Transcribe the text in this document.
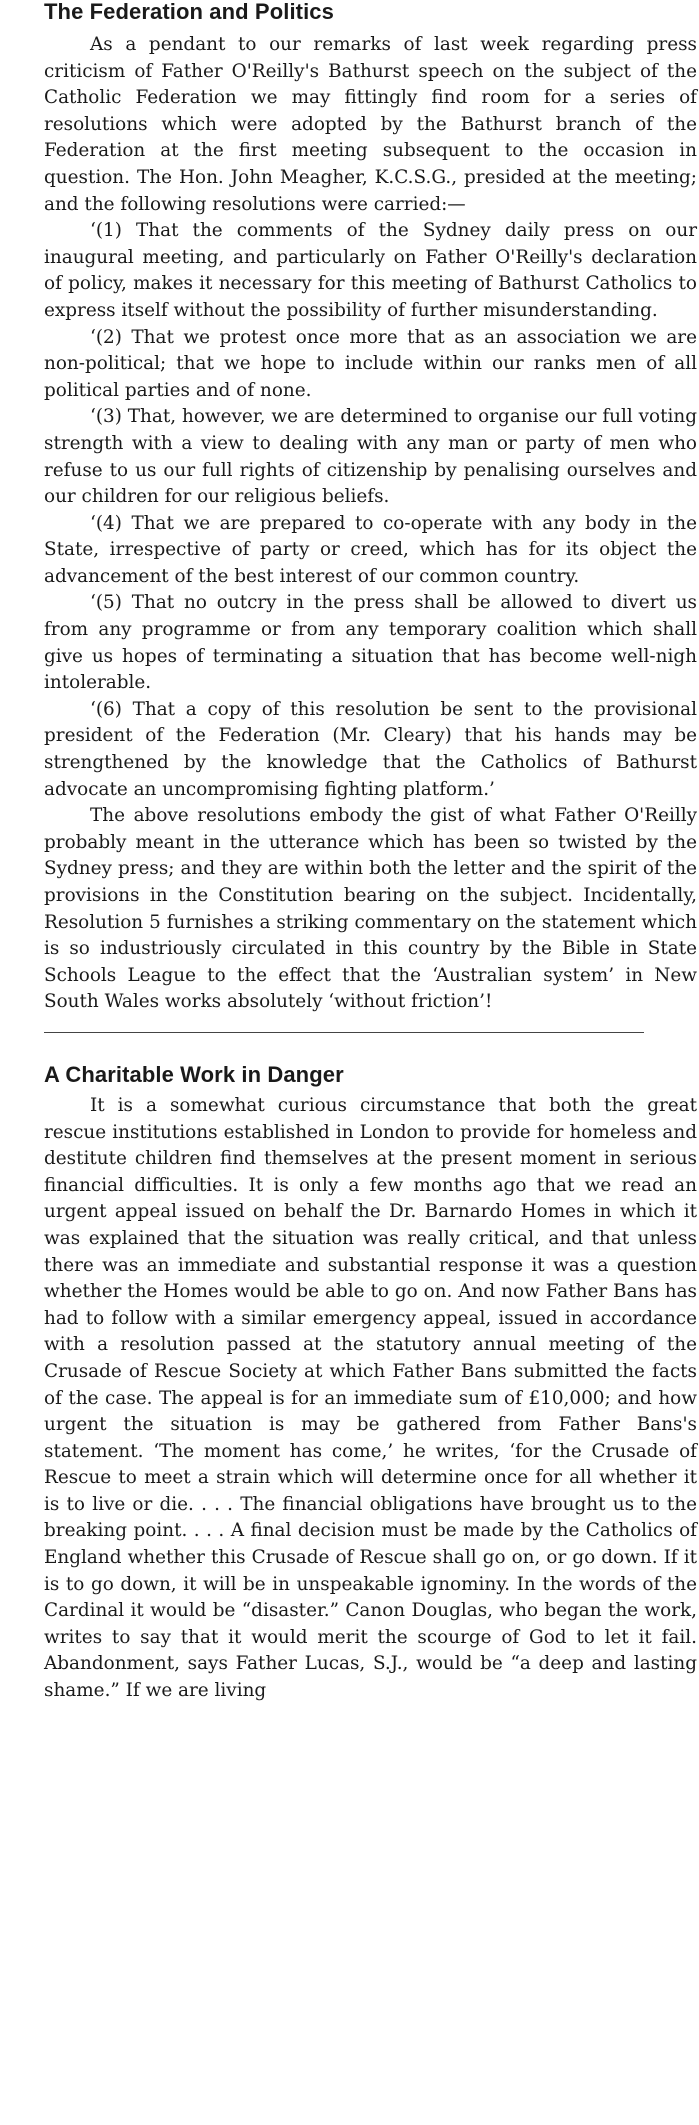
The Federation and Politics

As a pendant to our remarks of last week regarding press criticism of Father O'Reilly's Bathurst speech on the subject of the Catholic Federation we may fittingly find room for a series of resolutions which were adopted by the Bathurst branch of the Federation at the first meeting subsequent to the occasion in question. The Hon. John Meagher, K.C.S.G., presided at the meeting; and the following resolutions were carried:—

‘(1) That the comments of the Sydney daily press on our inaugural meeting, and particularly on Father O'Reilly's declaration of policy, makes it necessary for this meeting of Bathurst Catholics to express itself without the possibility of further misunderstanding.

‘(2) That we protest once more that as an association we are non-political; that we hope to include within our ranks men of all political parties and of none.

‘(3) That, however, we are determined to organise our full voting strength with a view to dealing with any man or party of men who refuse to us our full rights of citizenship by penalising ourselves and our children for our religious beliefs.

‘(4) That we are prepared to co-operate with any body in the State, irrespective of party or creed, which has for its object the advancement of the best interest of our common country.

‘(5) That no outcry in the press shall be allowed to divert us from any programme or from any temporary coalition which shall give us hopes of terminating a situation that has become well-nigh intolerable.

‘(6) That a copy of this resolution be sent to the provisional president of the Federation (Mr. Cleary) that his hands may be strengthened by the knowledge that the Catholics of Bathurst advocate an uncompromising fighting platform.’

The above resolutions embody the gist of what Father O'Reilly probably meant in the utterance which has been so twisted by the Sydney press; and they are within both the letter and the spirit of the provisions in the Constitution bearing on the subject. Incidentally, Resolution 5 furnishes a striking commentary on the statement which is so industriously circulated in this country by the Bible in State Schools League to the effect that the ‘Australian system’ in New South Wales works absolutely ‘without friction’!

A Charitable Work in Danger

It is a somewhat curious circumstance that both the great rescue institutions established in London to provide for homeless and destitute children find themselves at the present moment in serious financial difficulties. It is only a few months ago that we read an urgent appeal issued on behalf the Dr. Barnardo Homes in which it was explained that the situation was really critical, and that unless there was an immediate and substantial response it was a question whether the Homes would be able to go on. And now Father Bans has had to follow with a similar emergency appeal, issued in accordance with a resolution passed at the statutory annual meeting of the Crusade of Rescue Society at which Father Bans submitted the facts of the case. The appeal is for an immediate sum of £10,000; and how urgent the situation is may be gathered from Father Bans's statement. ‘The moment has come,’ he writes, ‘for the Crusade of Rescue to meet a strain which will determine once for all whether it is to live or die. . . . The financial obligations have brought us to the breaking point. . . . A final decision must be made by the Catholics of England whether this Crusade of Rescue shall go on, or go down. If it is to go down, it will be in unspeakable ignominy. In the words of the Cardinal it would be “disaster.” Canon Douglas, who began the work, writes to say that it would merit the scourge of God to let it fail. Abandonment, says Father Lucas, S.J., would be “a deep and lasting shame.” If we are living
